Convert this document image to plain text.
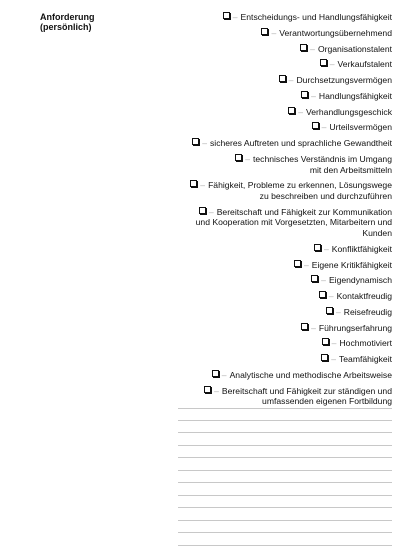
Anforderung
(persönlich)
– Entscheidungs- und Handlungsfähigkeit
– Verantwortungsübernehmend
– Organisationstalent
– Verkaufstalent
– Durchsetzungsvermögen
– Handlungsfähigkeit
– Verhandlungsgeschick
– Urteilsvermögen
– sicheres Auftreten und sprachliche Gewandtheit
– technisches Verständnis im Umgang
mit den Arbeitsmitteln
– Fähigkeit, Probleme zu erkennen, Lösungswege
zu beschreiben und durchzuführen
– Bereitschaft und Fähigkeit zur Kommunikation
und Kooperation mit Vorgesetzten, Mitarbeitern und
Kunden
– Konfliktfähigkeit
– Eigene Kritikfähigkeit
– Eigendynamisch
– Kontaktfreudig
– Reisefreudig
– Führungserfahrung
– Hochmotiviert
– Teamfähigkeit
– Analytische und methodische Arbeitsweise
– Bereitschaft und Fähigkeit zur ständigen und
umfassenden eigenen Fortbildung
